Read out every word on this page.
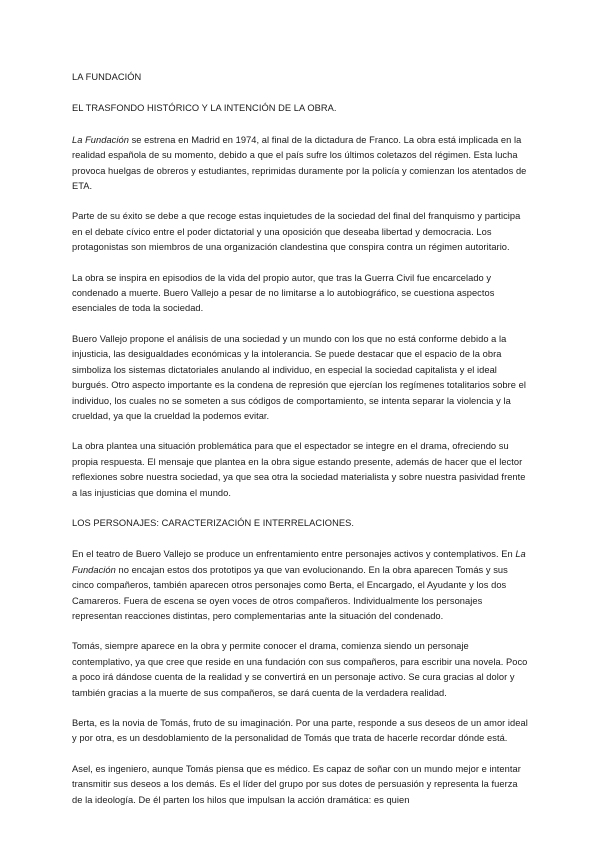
LA FUNDACIÓN

EL TRASFONDO HISTÓRICO Y LA INTENCIÓN DE LA OBRA.

La Fundación se estrena en Madrid en 1974, al final de la dictadura de Franco. La obra está implicada en la realidad española de su momento, debido a que el país sufre los últimos coletazos del régimen. Esta lucha provoca huelgas de obreros y estudiantes, reprimidas duramente por la policía y comienzan los atentados de ETA.

Parte de su éxito se debe a que recoge estas inquietudes de la sociedad del final del franquismo y participa en el debate cívico entre el poder dictatorial y una oposición que deseaba libertad y democracia. Los protagonistas son miembros de una organización clandestina que conspira contra un régimen autoritario.

La obra se inspira en episodios de la vida del propio autor, que tras la Guerra Civil fue encarcelado y condenado a muerte. Buero Vallejo a pesar de no limitarse a lo autobiográfico, se cuestiona aspectos esenciales de toda la sociedad.

Buero Vallejo propone el análisis de una sociedad y un mundo con los que no está conforme debido a la injusticia, las desigualdades económicas y la intolerancia. Se puede destacar que el espacio de la obra simboliza los sistemas dictatoriales anulando al individuo, en especial la sociedad capitalista y el ideal burgués. Otro aspecto importante es la condena de represión que ejercían los regímenes totalitarios sobre el individuo, los cuales no se someten a sus códigos de comportamiento, se intenta separar la violencia y la crueldad, ya que la crueldad la podemos evitar.

La obra plantea una situación problemática para que el espectador se integre en el drama, ofreciendo su propia respuesta. El mensaje que plantea en la obra sigue estando presente, además de hacer que el lector reflexiones sobre nuestra sociedad, ya que sea otra la sociedad materialista y sobre nuestra pasividad frente a las injusticias que domina el mundo.

LOS PERSONAJES: CARACTERIZACIÓN E INTERRELACIONES.

En el teatro de Buero Vallejo se produce un enfrentamiento entre personajes activos y contemplativos. En La Fundación no encajan estos dos prototipos ya que van evolucionando. En la obra aparecen Tomás y sus cinco compañeros, también aparecen otros personajes como Berta, el Encargado, el Ayudante y los dos Camareros. Fuera de escena se oyen voces de otros compañeros. Individualmente los personajes representan reacciones distintas, pero complementarias ante la situación del condenado.

Tomás, siempre aparece en la obra y permite conocer el drama, comienza siendo un personaje contemplativo, ya que cree que reside en una fundación con sus compañeros, para escribir una novela. Poco a poco irá dándose cuenta de la realidad y se convertirá en un personaje activo. Se cura gracias al dolor y también gracias a la muerte de sus compañeros, se dará cuenta de la verdadera realidad.

Berta, es la novia de Tomás, fruto de su imaginación. Por una parte, responde a sus deseos de un amor ideal y por otra, es un desdoblamiento de la personalidad de Tomás que trata de hacerle recordar dónde está.

Asel, es ingeniero, aunque Tomás piensa que es médico. Es capaz de soñar con un mundo mejor e intentar transmitir sus deseos a los demás. Es el líder del grupo por sus dotes de persuasión y representa la fuerza de la ideología. De él parten los hilos que impulsan la acción dramática: es quien
